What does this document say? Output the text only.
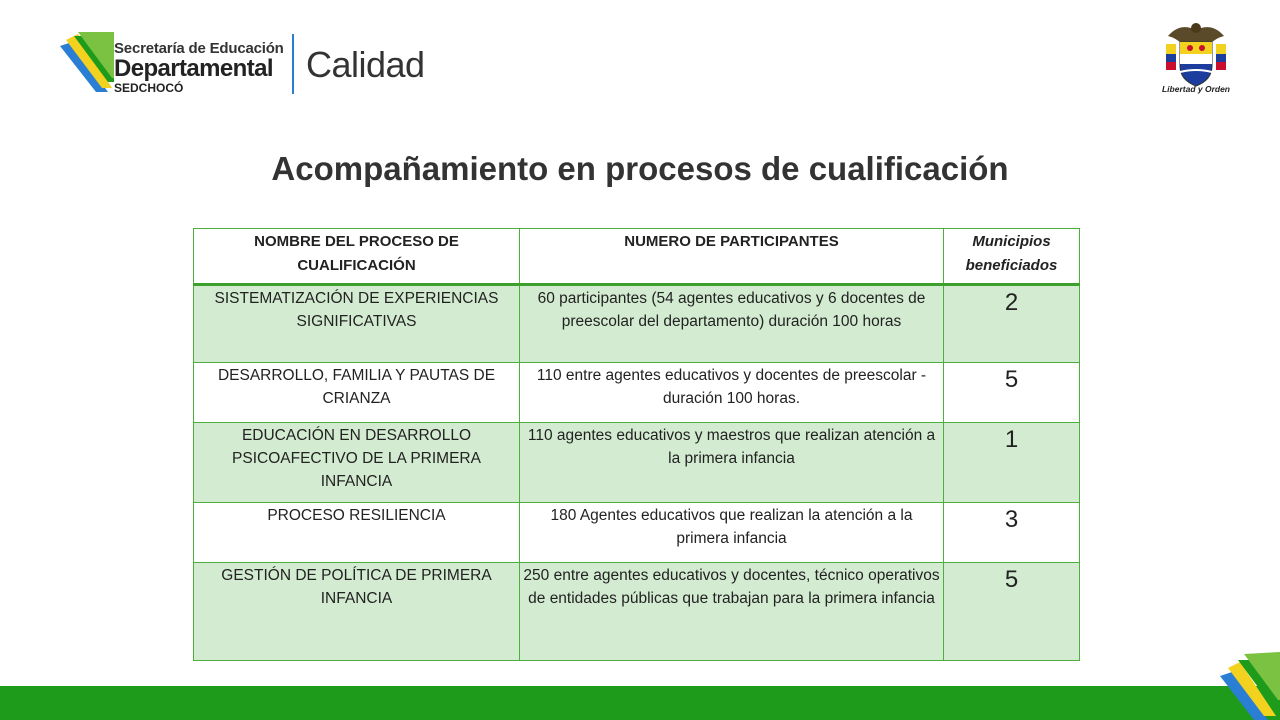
Secretaría de Educación
Departamental
SEDCHOCÓ
Calidad
Libertad y Orden
Acompañamiento en procesos de cualificación
NOMBRE DEL PROCESO DE CUALIFICACIÓN	NUMERO DE PARTICIPANTES	Municipios beneficiados
SISTEMATIZACIÓN DE EXPERIENCIAS SIGNIFICATIVAS	60 participantes (54 agentes educativos y 6 docentes de preescolar del departamento) duración 100 horas	2
DESARROLLO, FAMILIA Y PAUTAS DE CRIANZA	110 entre agentes educativos y docentes de preescolar -duración 100 horas.	5
EDUCACIÓN EN DESARROLLO PSICOAFECTIVO DE LA PRIMERA INFANCIA	110 agentes educativos y maestros que realizan atención a la primera infancia	1
PROCESO RESILIENCIA	180 Agentes educativos que realizan la atención a la primera infancia	3
GESTIÓN DE POLÍTICA DE PRIMERA INFANCIA	250 entre agentes educativos y docentes, técnico operativos de entidades públicas que trabajan para la primera infancia	5
